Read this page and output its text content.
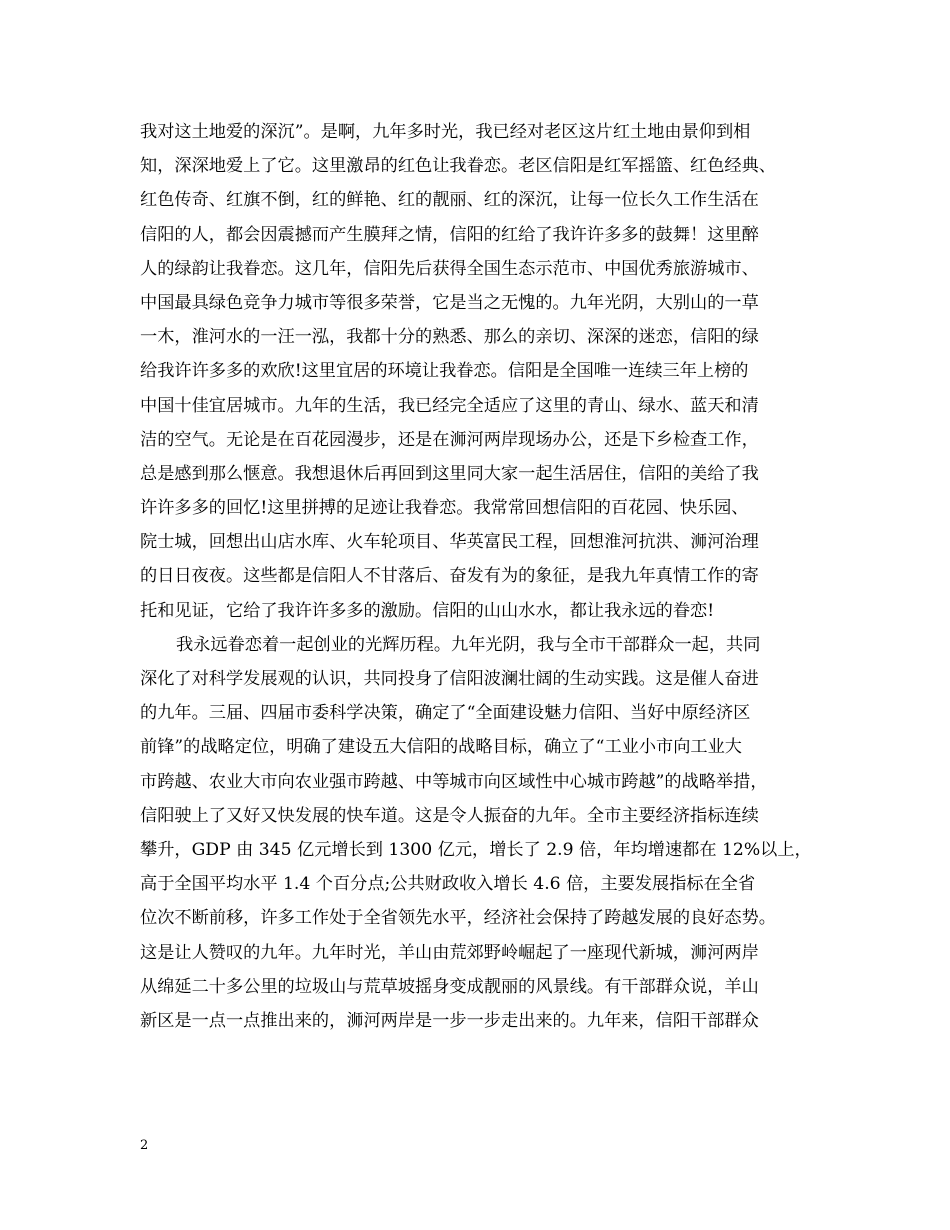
我对这土地爱的深沉”。是啊，九年多时光，我已经对老区这片红土地由景仰到相
知，深深地爱上了它。这里激昂的红色让我眷恋。老区信阳是红军摇篮、红色经典、
红色传奇、红旗不倒，红的鲜艳、红的靓丽、红的深沉，让每一位长久工作生活在
信阳的人，都会因震撼而产生膜拜之情，信阳的红给了我许许多多的鼓舞！这里醉
人的绿韵让我眷恋。这几年，信阳先后获得全国生态示范市、中国优秀旅游城市、
中国最具绿色竞争力城市等很多荣誉，它是当之无愧的。九年光阴，大别山的一草
一木，淮河水的一汪一泓，我都十分的熟悉、那么的亲切、深深的迷恋，信阳的绿
给我许许多多的欢欣!这里宜居的环境让我眷恋。信阳是全国唯一连续三年上榜的
中国十佳宜居城市。九年的生活，我已经完全适应了这里的青山、绿水、蓝天和清
洁的空气。无论是在百花园漫步，还是在浉河两岸现场办公，还是下乡检查工作，
总是感到那么惬意。我想退休后再回到这里同大家一起生活居住，信阳的美给了我
许许多多的回忆!这里拼搏的足迹让我眷恋。我常常回想信阳的百花园、快乐园、
院士城，回想出山店水库、火车轮项目、华英富民工程，回想淮河抗洪、浉河治理
的日日夜夜。这些都是信阳人不甘落后、奋发有为的象征，是我九年真情工作的寄
托和见证，它给了我许许多多的激励。信阳的山山水水，都让我永远的眷恋!
我永远眷恋着一起创业的光辉历程。九年光阴，我与全市干部群众一起，共同
深化了对科学发展观的认识，共同投身了信阳波澜壮阔的生动实践。这是催人奋进
的九年。三届、四届市委科学决策，确定了“全面建设魅力信阳、当好中原经济区
前锋”的战略定位，明确了建设五大信阳的战略目标，确立了“工业小市向工业大
市跨越、农业大市向农业强市跨越、中等城市向区域性中心城市跨越”的战略举措，
信阳驶上了又好又快发展的快车道。这是令人振奋的九年。全市主要经济指标连续
攀升，GDP 由 345 亿元增长到 1300 亿元，增长了 2.9 倍，年均增速都在 12%以上，
高于全国平均水平 1.4 个百分点;公共财政收入增长 4.6 倍，主要发展指标在全省
位次不断前移，许多工作处于全省领先水平，经济社会保持了跨越发展的良好态势。
这是让人赞叹的九年。九年时光，羊山由荒郊野岭崛起了一座现代新城，浉河两岸
从绵延二十多公里的垃圾山与荒草坡摇身变成靓丽的风景线。有干部群众说，羊山
新区是一点一点推出来的，浉河两岸是一步一步走出来的。九年来，信阳干部群众
2
